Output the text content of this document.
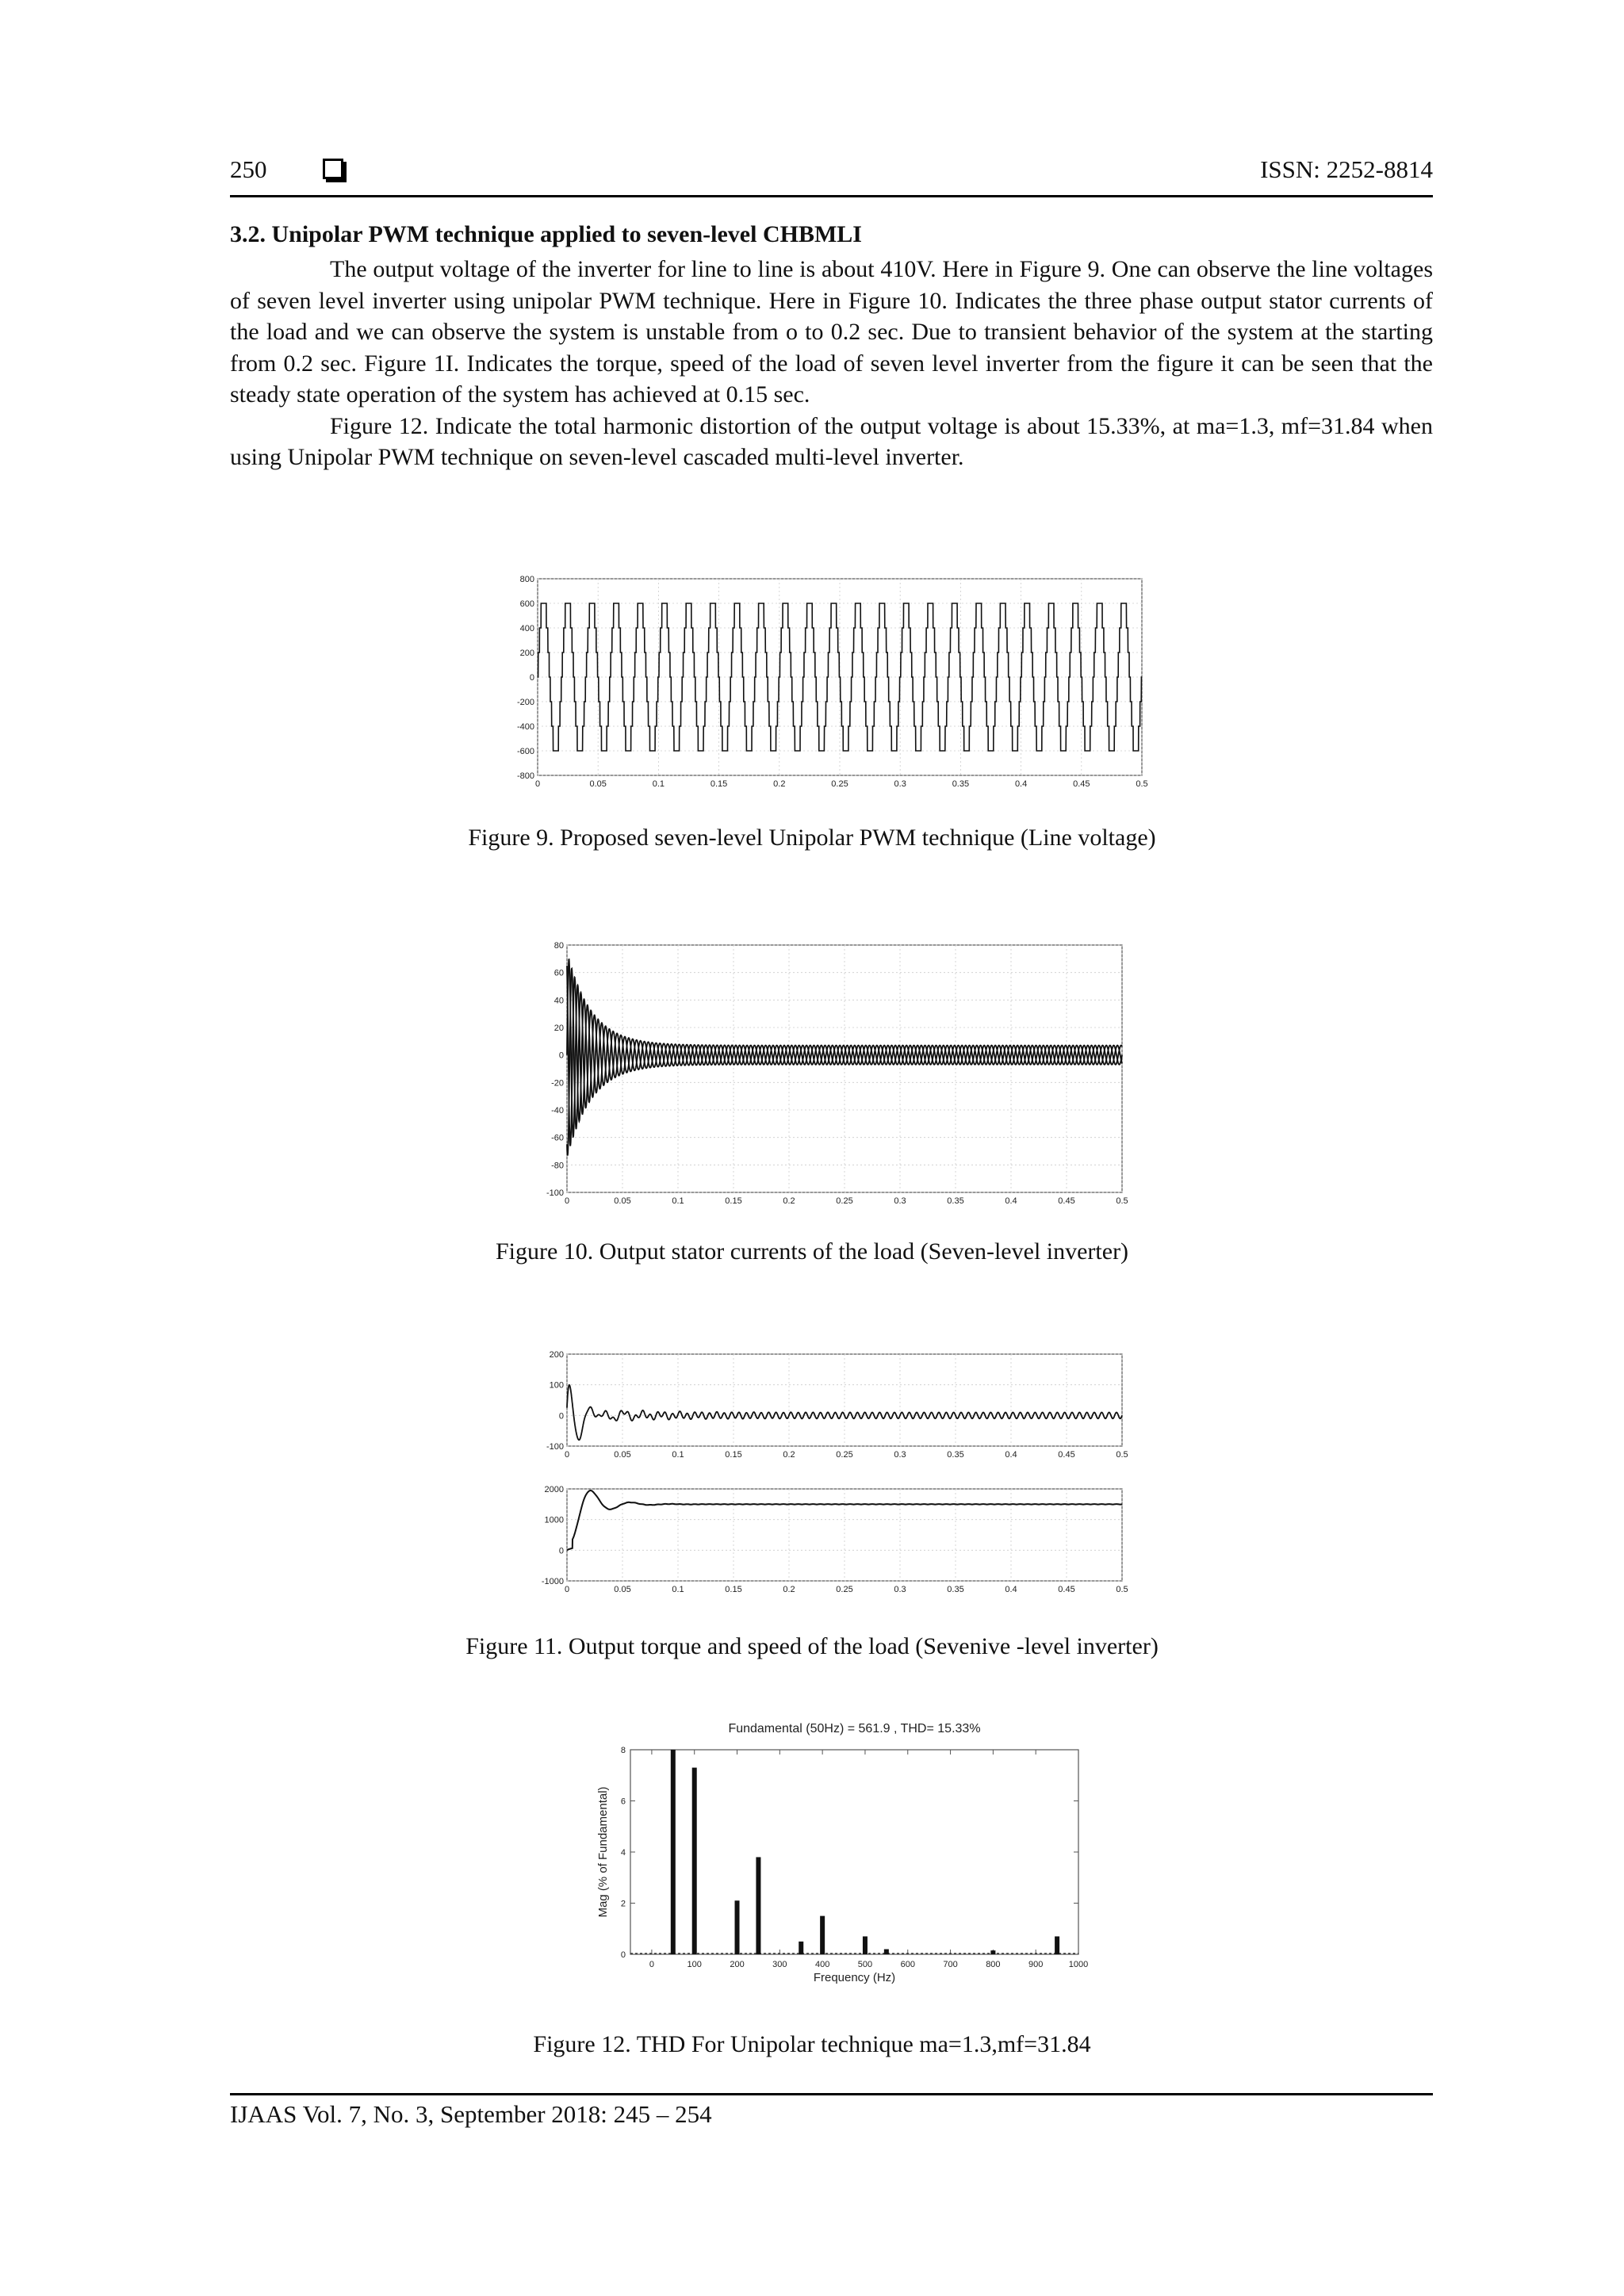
250	ISSN: 2252-8814
3.2. Unipolar PWM technique applied to seven-level CHBMLI

The output voltage of the inverter for line to line is about 410V. Here in Figure 9. One can observe the line voltages of seven level inverter using unipolar PWM technique. Here in Figure 10. Indicates the three phase output stator currents of the load and we can observe the system is unstable from o to 0.2 sec. Due to transient behavior of the system at the starting from 0.2 sec. Figure 1I. Indicates the torque, speed of the load of seven level inverter from the figure it can be seen that the steady state operation of the system has achieved at 0.15 sec.

Figure 12. Indicate the total harmonic distortion of the output voltage is about 15.33%, at ma=1.3, mf=31.84 when using Unipolar PWM technique on seven-level cascaded multi-level inverter.

800
600
400
200
0
-200
-400
-600
-800
0	0.05	0.1	0.15	0.2	0.25	0.3	0.35	0.4	0.45	0.5
Figure 9. Proposed seven-level Unipolar PWM technique (Line voltage)
80
60
40
20
0
-20
-40
-60
-80
-100
0	0.05	0.1	0.15	0.2	0.25	0.3	0.35	0.4	0.45	0.5
Figure 10. Output stator currents of the load (Seven-level inverter)
200
100
0
-100
0	0.05	0.1	0.15	0.2	0.25	0.3	0.35	0.4	0.45	0.5
2000
1000
0
-1000
0	0.05	0.1	0.15	0.2	0.25	0.3	0.35	0.4	0.45	0.5
Figure 11. Output torque and speed of the load (Sevenive -level inverter)
Fundamental (50Hz) = 561.9 , THD= 15.33%
8
6
4
2
0
0	100	200	300	400	500	600	700	800	900	1000
Frequency (Hz)
Mag (% of Fundamental)
Figure 12. THD For Unipolar technique ma=1.3,mf=31.84
IJAAS Vol. 7, No. 3, September 2018: 245 – 254
